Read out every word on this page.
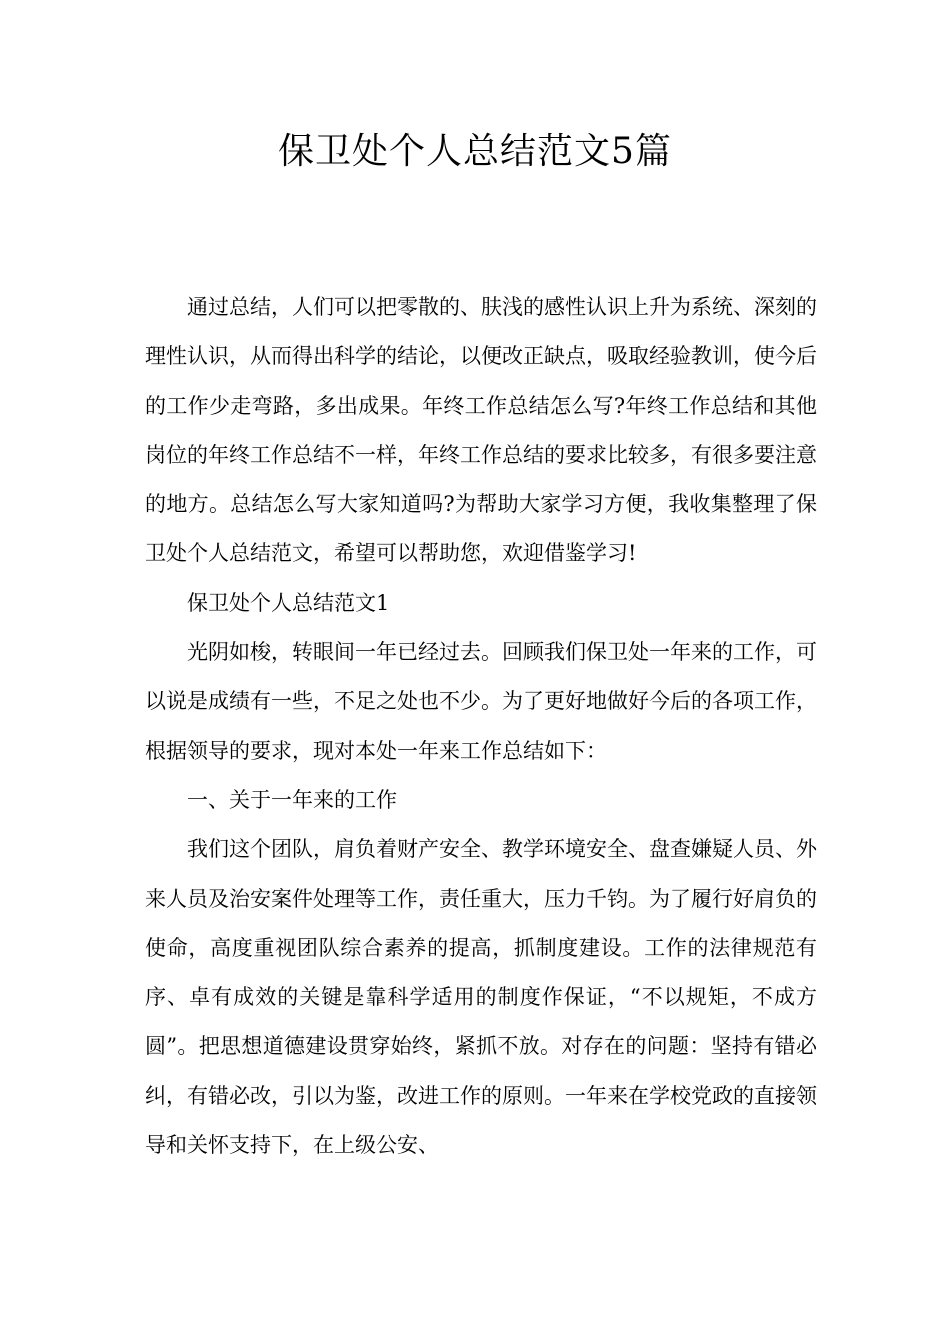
保卫处个人总结范文5篇

通过总结，人们可以把零散的、肤浅的感性认识上升为系统、深刻的理性认识，从而得出科学的结论，以便改正缺点，吸取经验教训，使今后的工作少走弯路，多出成果。年终工作总结怎么写?年终工作总结和其他岗位的年终工作总结不一样，年终工作总结的要求比较多，有很多要注意的地方。总结怎么写大家知道吗?为帮助大家学习方便，我收集整理了保卫处个人总结范文，希望可以帮助您，欢迎借鉴学习!

保卫处个人总结范文1

光阴如梭，转眼间一年已经过去。回顾我们保卫处一年来的工作，可以说是成绩有一些，不足之处也不少。为了更好地做好今后的各项工作，根据领导的要求，现对本处一年来工作总结如下：

一、关于一年来的工作

我们这个团队，肩负着财产安全、教学环境安全、盘查嫌疑人员、外来人员及治安案件处理等工作，责任重大，压力千钧。为了履行好肩负的使命，高度重视团队综合素养的提高，抓制度建设。工作的法律规范有序、卓有成效的关键是靠科学适用的制度作保证，“不以规矩，不成方圆”。把思想道德建设贯穿始终，紧抓不放。对存在的问题：坚持有错必纠，有错必改，引以为鉴，改进工作的原则。一年来在学校党政的直接领导和关怀支持下，在上级公安、
